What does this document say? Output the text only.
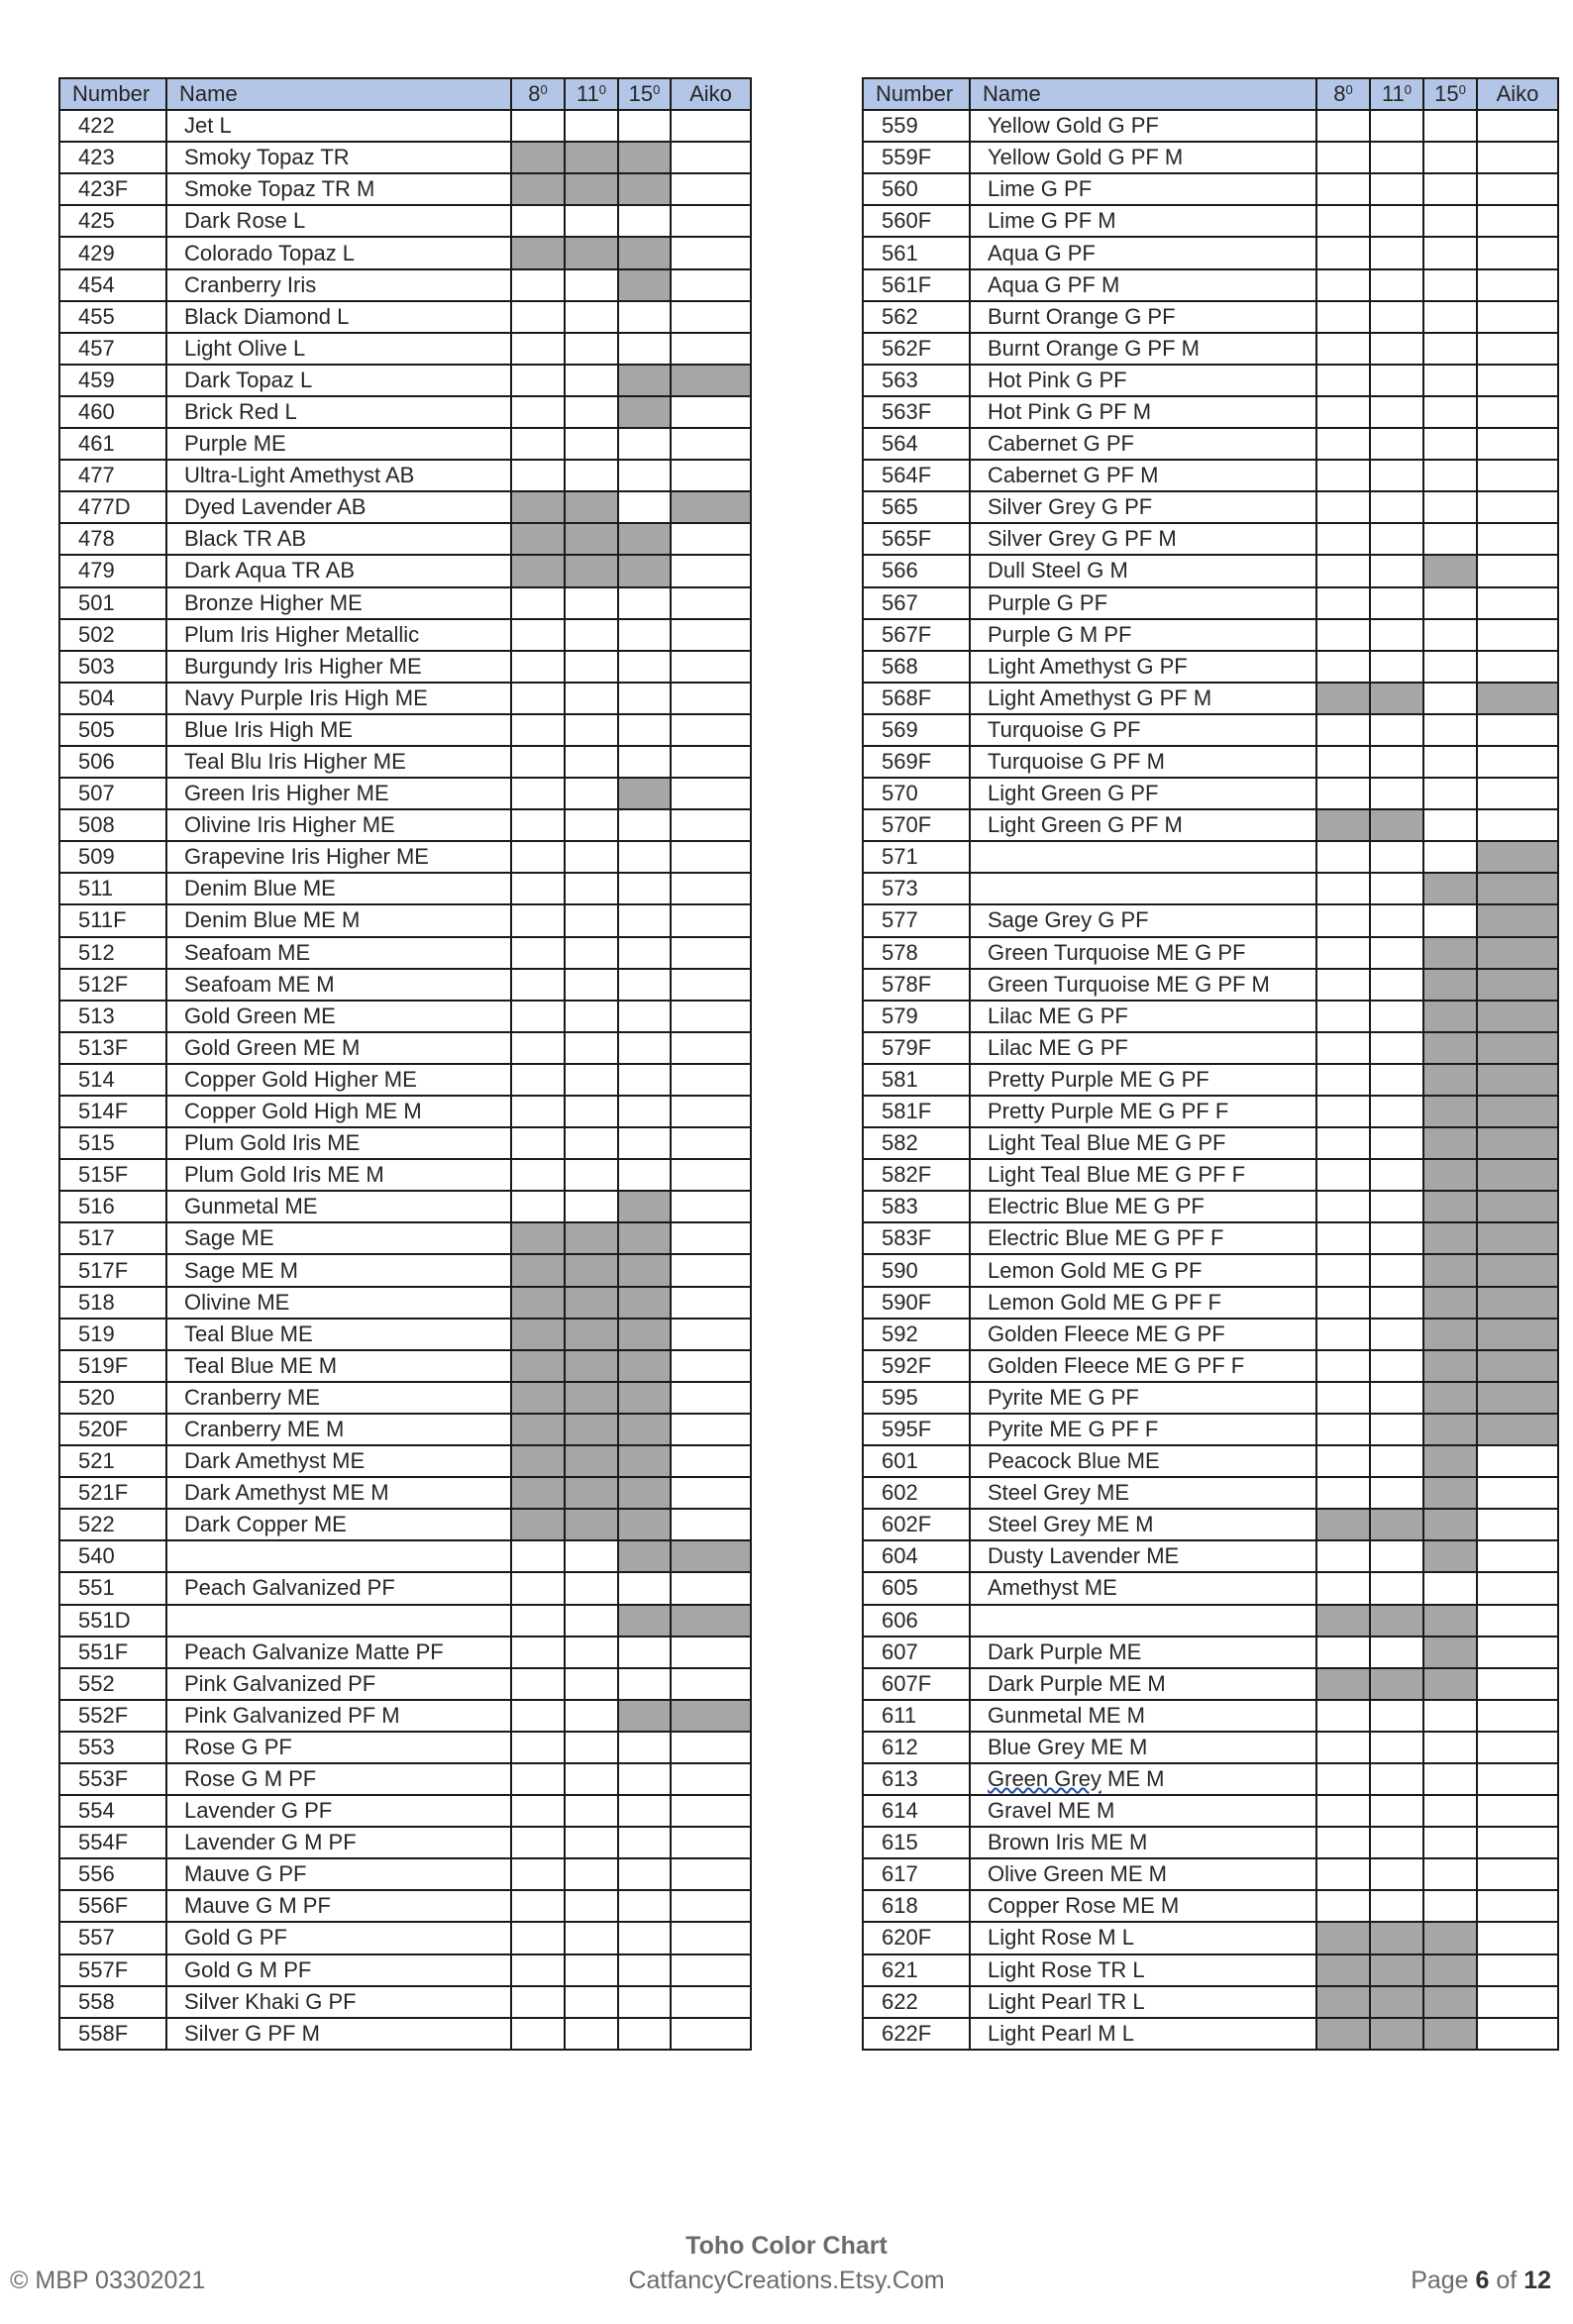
Number	Name	$8^0$	$11^0$	$15^0$	Aiko
422	Jet L				
423	Smoky Topaz TR				
423F	Smoke Topaz TR M				
425	Dark Rose L				
429	Colorado Topaz L				
454	Cranberry Iris				
455	Black Diamond L				
457	Light Olive L				
459	Dark Topaz L				
460	Brick Red L				
461	Purple ME				
477	Ultra-Light Amethyst AB				
477D	Dyed Lavender AB				
478	Black TR AB				
479	Dark Aqua TR AB				
501	Bronze Higher ME				
502	Plum Iris Higher Metallic				
503	Burgundy Iris Higher ME				
504	Navy Purple Iris High ME				
505	Blue Iris High ME				
506	Teal Blu Iris Higher ME				
507	Green Iris Higher ME				
508	Olivine Iris Higher ME				
509	Grapevine Iris Higher ME				
511	Denim Blue ME				
511F	Denim Blue ME M				
512	Seafoam ME				
512F	Seafoam ME M				
513	Gold Green ME				
513F	Gold Green ME M				
514	Copper Gold Higher ME				
514F	Copper Gold High ME M				
515	Plum Gold Iris ME				
515F	Plum Gold Iris ME M				
516	Gunmetal ME				
517	Sage ME				
517F	Sage ME M				
518	Olivine ME				
519	Teal Blue ME				
519F	Teal Blue ME M				
520	Cranberry ME				
520F	Cranberry ME M				
521	Dark Amethyst ME				
521F	Dark Amethyst ME M				
522	Dark Copper ME				
540					
551	Peach Galvanized PF				
551D					
551F	Peach Galvanize Matte PF				
552	Pink Galvanized PF				
552F	Pink Galvanized PF M				
553	Rose G PF				
553F	Rose G M PF				
554	Lavender G PF				
554F	Lavender G M PF				
556	Mauve G PF				
556F	Mauve G M PF				
557	Gold G PF				
557F	Gold G M PF				
558	Silver Khaki G PF				
558F	Silver G PF M				
Number	Name	$8^0$	$11^0$	$15^0$	Aiko
559	Yellow Gold G PF				
559F	Yellow Gold G PF M				
560	Lime G PF				
560F	Lime G PF M				
561	Aqua G PF				
561F	Aqua G PF M				
562	Burnt Orange G PF				
562F	Burnt Orange G PF M				
563	Hot Pink G PF				
563F	Hot Pink G PF M				
564	Cabernet G PF				
564F	Cabernet G PF M				
565	Silver Grey G PF				
565F	Silver Grey G PF M				
566	Dull Steel G M				
567	Purple G PF				
567F	Purple G M PF				
568	Light Amethyst G PF				
568F	Light Amethyst G PF M				
569	Turquoise G PF				
569F	Turquoise G PF M				
570	Light Green G PF				
570F	Light Green G PF M				
571					
573					
577	Sage Grey G PF				
578	Green Turquoise ME G PF				
578F	Green Turquoise ME G PF M				
579	Lilac ME G PF				
579F	Lilac ME G PF				
581	Pretty Purple ME G PF				
581F	Pretty Purple ME G PF F				
582	Light Teal Blue ME G PF				
582F	Light Teal Blue ME G PF F				
583	Electric Blue ME G PF				
583F	Electric Blue ME G PF F				
590	Lemon Gold ME G PF				
590F	Lemon Gold ME G PF F				
592	Golden Fleece ME G PF				
592F	Golden Fleece ME G PF F				
595	Pyrite ME G PF				
595F	Pyrite ME G PF F				
601	Peacock Blue ME				
602	Steel Grey ME				
602F	Steel Grey ME M				
604	Dusty Lavender ME				
605	Amethyst ME				
606					
607	Dark Purple ME				
607F	Dark Purple ME M				
611	Gunmetal ME M				
612	Blue Grey ME M				
613	Green Grey ME M				
614	Gravel ME M				
615	Brown Iris ME M				
617	Olive Green ME M				
618	Copper Rose ME M				
620F	Light Rose M L				
621	Light Rose TR L				
622	Light Pearl TR L				
622F	Light Pearl M L				
Toho Color Chart
CatfancyCreations.Etsy.Com
© MBP 03302021	Page 6 of 12
